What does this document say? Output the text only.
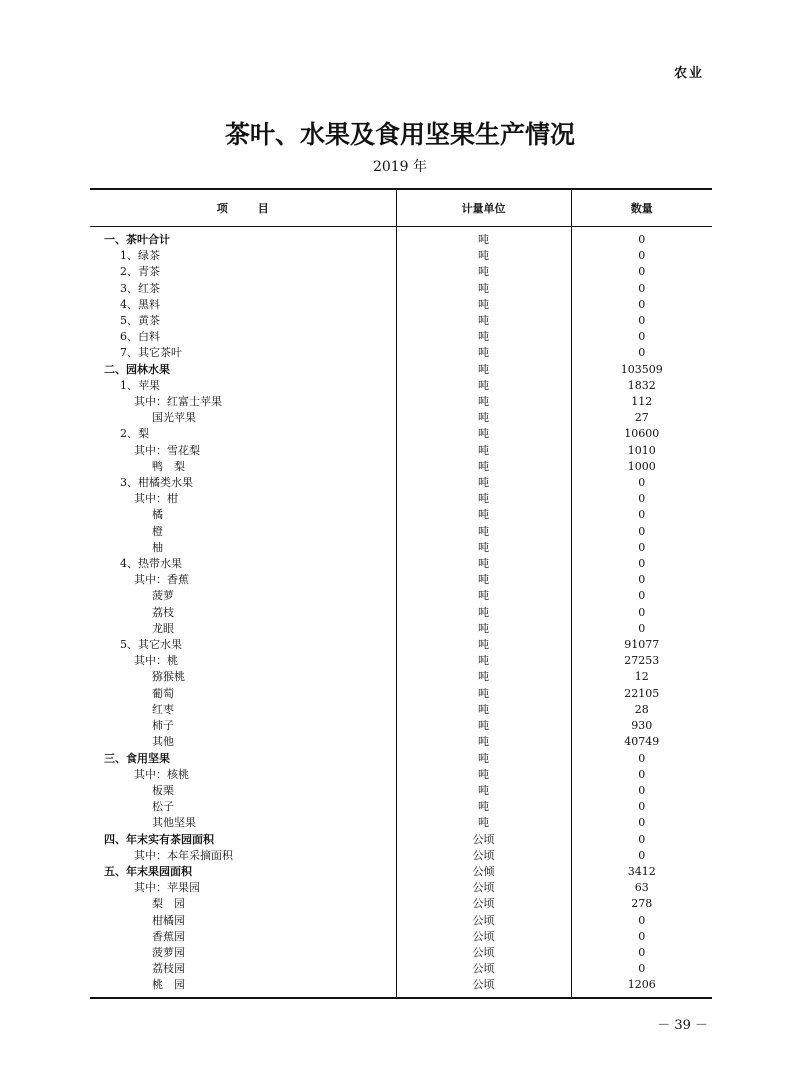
农业
茶叶、水果及食用坚果生产情况
2019 年
项目	计量单位	数量
一、茶叶合计	吨	0
1、绿茶	吨	0
2、青茶	吨	0
3、红茶	吨	0
4、黑料	吨	0
5、黄茶	吨	0
6、白料	吨	0
7、其它茶叶	吨	0
二、园林水果	吨	103509
1、苹果	吨	1832
其中：红富士苹果	吨	112
国光苹果	吨	27
2、梨	吨	10600
其中：雪花梨	吨	1010
鸭　梨	吨	1000
3、柑橘类水果	吨	0
其中：柑	吨	0
橘	吨	0
橙	吨	0
柚	吨	0
4、热带水果	吨	0
其中：香蕉	吨	0
菠萝	吨	0
荔枝	吨	0
龙眼	吨	0
5、其它水果	吨	91077
其中：桃	吨	27253
猕猴桃	吨	12
葡萄	吨	22105
红枣	吨	28
柿子	吨	930
其他	吨	40749
三、食用坚果	吨	0
其中：核桃	吨	0
板栗	吨	0
松子	吨	0
其他坚果	吨	0
四、年末实有茶园面积	公顷	0
其中：本年采摘面积	公顷	0
五、年末果园面积	公倾	3412
其中：苹果园	公顷	63
梨　园	公顷	278
柑橘园	公顷	0
香蕉园	公顷	0
菠萝园	公顷	0
荔枝园	公顷	0
桃　园	公顷	1206
－ 39 －
